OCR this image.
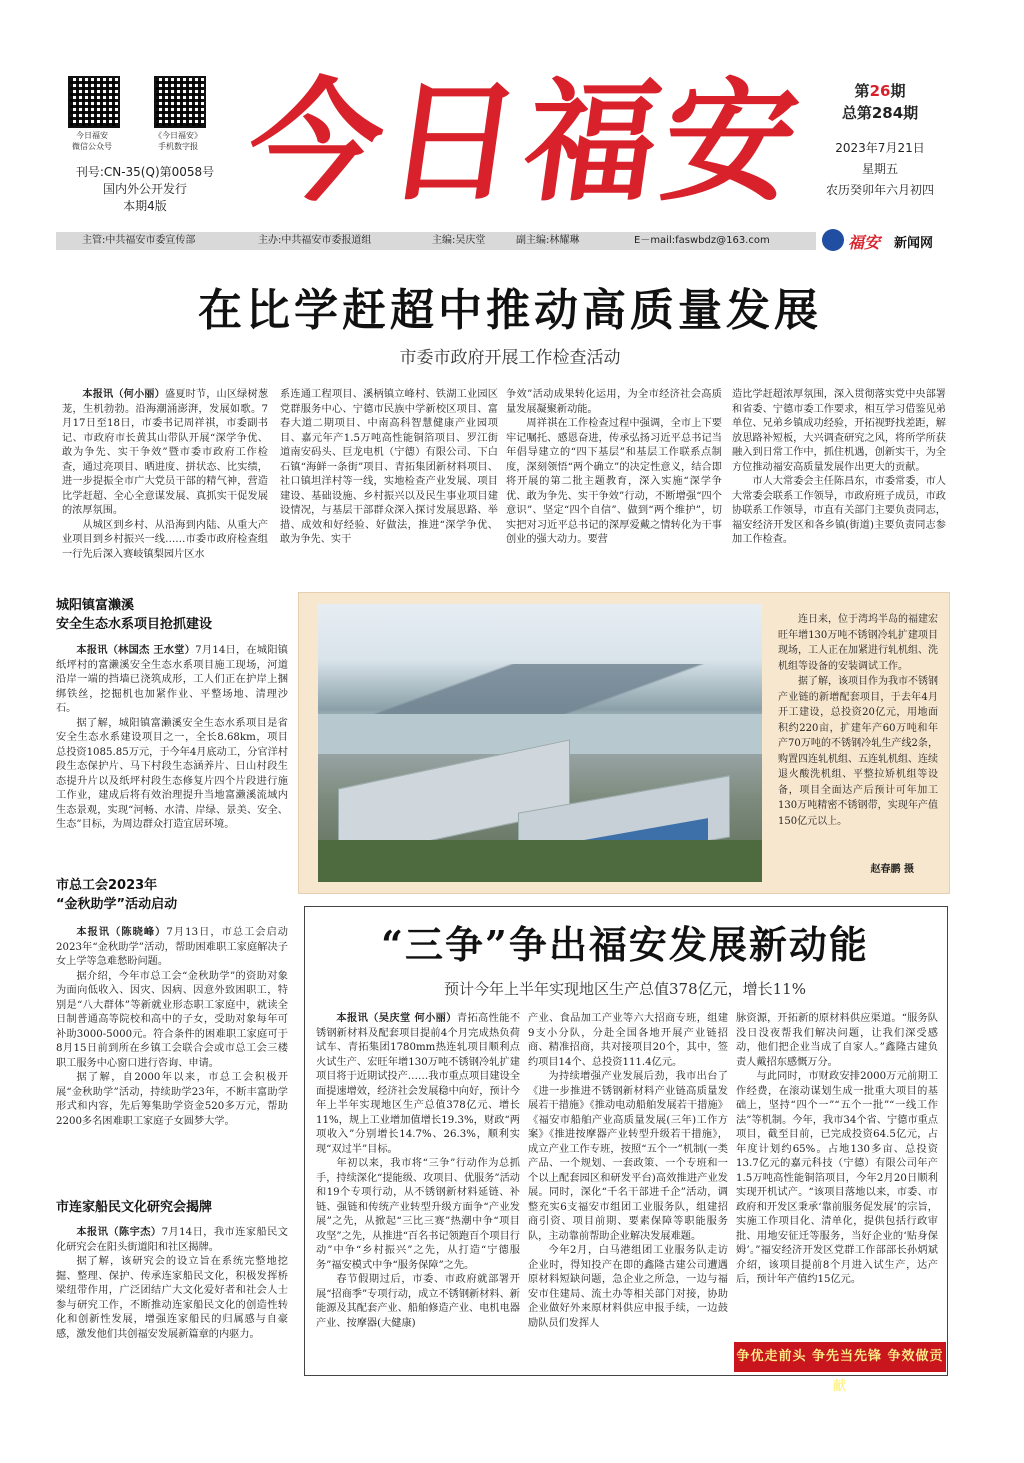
今日福安
微信公众号
《今日福安》
手机数字报
刊号:CN-35(Q)第0058号
国内外公开发行
本期4版 今日福安	第26期
总第284期
2023年7月21日
星期五
农历癸卯年六月初四
主管:中共福安市委宣传部	主办:中共福安市委报道组	主编:吴庆堂	副主编:林耀琳	E－mail:faswbdz@163.com	福安 新闻网
在比学赶超中推动高质量发展
市委市政府开展工作检查活动

本报讯（何小丽）盛夏时节，山区绿树葱茏，生机勃勃。沿海潮涌澎湃，发展如歌。7月17日至18日，市委书记周祥祺，市委副书记、市政府市长黄其山带队开展“深学争优、敢为争先、实干争效”暨市委市政府工作检查，通过亮项目、晒进度、拼状态、比实绩，进一步提振全市广大党员干部的精气神，营造比学赶超、全心全意谋发展、真抓实干促发展的浓厚氛围。

从城区到乡村、从沿海到内陆、从重大产业项目到乡村振兴一线……市委市政府检查组一行先后深入赛岐镇梨园片区水

系连通工程项目、溪柄镇立峰村、铁湖工业园区党群服务中心、宁德市民族中学新校区项目、富春大道二期项目、中南高科智慧健康产业园项目、嘉元年产1.5万吨高性能铜箔项目、罗江街道南安码头、巨龙电机（宁德）有限公司、下白石镇“海鲜一条街”项目、青拓集团新材料项目、社口镇坦洋村等一线，实地检查产业发展、项目建设、基础设施、乡村振兴以及民生事业项目建设情况，与基层干部群众深入探讨发展思路、举措、成效和好经验、好做法，推进“深学争优、敢为争先、实干

争效”活动成果转化运用，为全市经济社会高质量发展凝聚新动能。

周祥祺在工作检查过程中强调，全市上下要牢记嘱托、感恩奋进，传承弘扬习近平总书记当年倡导建立的“四下基层”和基层工作联系点制度，深刻领悟“两个确立”的决定性意义，结合即将开展的第二批主题教育，深入实施“深学争优、敢为争先、实干争效”行动，不断增强“四个意识”、坚定“四个自信”、做到“两个维护”，切实把对习近平总书记的深厚爱戴之情转化为干事创业的强大动力。要营

造比学赶超浓厚氛围，深入贯彻落实党中央部署和省委、宁德市委工作要求，相互学习借鉴见弟单位、兄弟乡镇成功经验，开拓视野找差距，解放思路补短板，大兴调查研究之风，将所学所获融入到日常工作中，抓住机遇，创新实干，为全方位推动福安高质量发展作出更大的贡献。

市人大常委会主任陈昌东，市委常委，市人大常委会联系工作领导，市政府班子成员，市政协联系工作领导，市直有关部门主要负责同志，福安经济开发区和各乡镇(街道)主要负责同志参加工作检查。

城阳镇富濑溪
安全生态水系项目抢抓建设

本报讯（林国杰 王水堂）7月14日，在城阳镇纸坪村的富濑溪安全生态水系项目施工现场，河道沿岸一端的挡墙已浇筑成形，工人们正在护岸上捆绑铁丝，挖掘机也加紧作业、平整场地、清理沙石。

据了解，城阳镇富濑溪安全生态水系项目是省安全生态水系建设项目之一，全长8.68km，项目总投资1085.85万元，于今年4月底动工，分官洋村段生态保护片、马下村段生态涵养片、日山村段生态提升片以及纸坪村段生态修复片四个片段进行施工作业，建成后将有效治理提升当地富濑溪流域内生态景观，实现“河畅、水清、岸绿、景美、安全、生态”目标，为周边群众打造宜居环境。

市总工会2023年
“金秋助学”活动启动

本报讯（陈晓峰）7月13日，市总工会启动2023年“金秋助学”活动，帮助困难职工家庭解决子女上学等急难愁盼问题。

据介绍，今年市总工会“金秋助学”的资助对象为面向低收入、因灾、因病、因意外致困职工，特别是“八大群体”等新就业形态职工家庭中，就读全日制普通高等院校和高中的子女，受助对象每年可补助3000-5000元。符合条件的困难职工家庭可于8月15日前到所在乡镇工会联合会或市总工会三楼职工服务中心窗口进行咨询、申请。

据了解，自2000年以来，市总工会积极开展“金秋助学”活动，持续助学23年，不断丰富助学形式和内容，先后筹集助学资金520多万元，帮助2200多名困难职工家庭子女圆梦大学。

市连家船民文化研究会揭牌

本报讯（陈宇杰）7月14日，我市连家船民文化研究会在阳头街道阳和社区揭牌。

据了解，该研究会的设立旨在系统完整地挖掘、整理、保护、传承连家船民文化，积极发挥桥梁纽带作用，广泛团结广大文化爱好者和社会人士参与研究工作，不断推动连家船民文化的创造性转化和创新性发展，增强连家船民的归属感与自豪感，激发他们共创福安发展新篇章的内驱力。

连日来，位于湾坞半岛的福建宏旺年增130万吨不锈钢冷轧扩建项目现场，工人正在加紧进行轧机组、洗机组等设备的安装调试工作。

据了解，该项目作为我市不锈钢产业链的新增配套项目，于去年4月开工建设，总投资20亿元，用地面积约220亩，扩建年产60万吨和年产70万吨的不锈钢冷轧生产线2条，购置四连轧机组、五连轧机组、连续退火酸洗机组、平整拉矫机组等设备，项目全面达产后预计可年加工130万吨精密不锈钢带，实现年产值150亿元以上。

赵春鹏 摄
“三争”争出福安发展新动能
预计今年上半年实现地区生产总值378亿元，增长11%

本报讯（吴庆堂 何小丽）青拓高性能不锈钢新材料及配套项目提前4个月完成热负荷试车、青拓集团1780mm热连轧项目顺利点火试生产、宏旺年增130万吨不锈钢冷轧扩建项目将于近期试投产……我市重点项目建设全面提速增效，经济社会发展稳中向好，预计今年上半年实现地区生产总值378亿元、增长11%，规上工业增加值增长19.3%，财政“两项收入”分别增长14.7%、26.3%，顺利实现“双过半”目标。

年初以来，我市将“三争”行动作为总抓手，持续深化“提能级、攻项目、优服务”活动和19个专项行动，从不锈钢新材料延链、补链、强链和传统产业转型升级方面争“产业发展”之先，从掀起“三比三赛”热潮中争“项目攻坚”之先，从推进“百名书记领跑百个项目行动”中争“乡村振兴”之先，从打造“宁德服务”福安模式中争“服务保障”之先。

春节假期过后，市委、市政府就部署开展“招商季”专项行动，成立不锈钢新材料、新能源及其配套产业、船舶修造产业、电机电器产业、按摩器(大健康)

产业、食品加工产业等六大招商专班，组建9支小分队，分赴全国各地开展产业链招商、精准招商，共对接项目20个，其中，签约项目14个、总投资111.4亿元。

为持续增强产业发展后劲，我市出台了《进一步推进不锈钢新材料产业链高质量发展若干措施》《推动电动船舶发展若干措施》《福安市船舶产业高质量发展(三年)工作方案》《推进按摩器产业转型升级若干措施》，成立产业工作专班，按照“五个一”机制(一类产品、一个规划、一套政策、一个专班和一个以上配套园区和研发平台)高效推进产业发展。同时，深化“千名干部进千企”活动，调整充实6支福安市组团工业服务队，组建招商引资、项目前期、要素保障等职能服务队，主动靠前帮助企业解决发展难题。

今年2月，白马港组团工业服务队走访企业时，得知投产在即的鑫隆古建公司遭遇原材料短缺问题，急企业之所急，一边与福安市住建局、流土办等相关部门对接，协助企业做好外来原材料供应申报手续，一边鼓励队员们发挥人

脉资源，开拓新的原材料供应渠道。“服务队没日没夜帮我们解决问题，让我们深受感动，他们把企业当成了自家人。”鑫隆古建负责人戴招东感慨万分。

与此同时，市财政安排2000万元前期工作经费，在滚动谋划生成一批重大项目的基础上，坚持“四个一”“五个一批”“一线工作法”等机制。今年，我市34个省、宁德市重点项目，截至目前，已完成投资64.5亿元，占年度计划约65%。占地130多亩、总投资13.7亿元的嘉元科技（宁德）有限公司年产1.5万吨高性能铜箔项目，今年2月20日顺利实现开机试产。“该项目落地以来，市委、市政府和开发区秉承‘靠前服务促发展’的宗旨，实施工作项目化、清单化，提供包括行政审批、用地安征迁等服务，当好企业的‘贴身保姆’。”福安经济开发区党群工作部部长孙炳斌介绍，该项目提前8个月进入试生产，达产后，预计年产值约15亿元。

争优走前头 争先当先锋 争效做贡献
